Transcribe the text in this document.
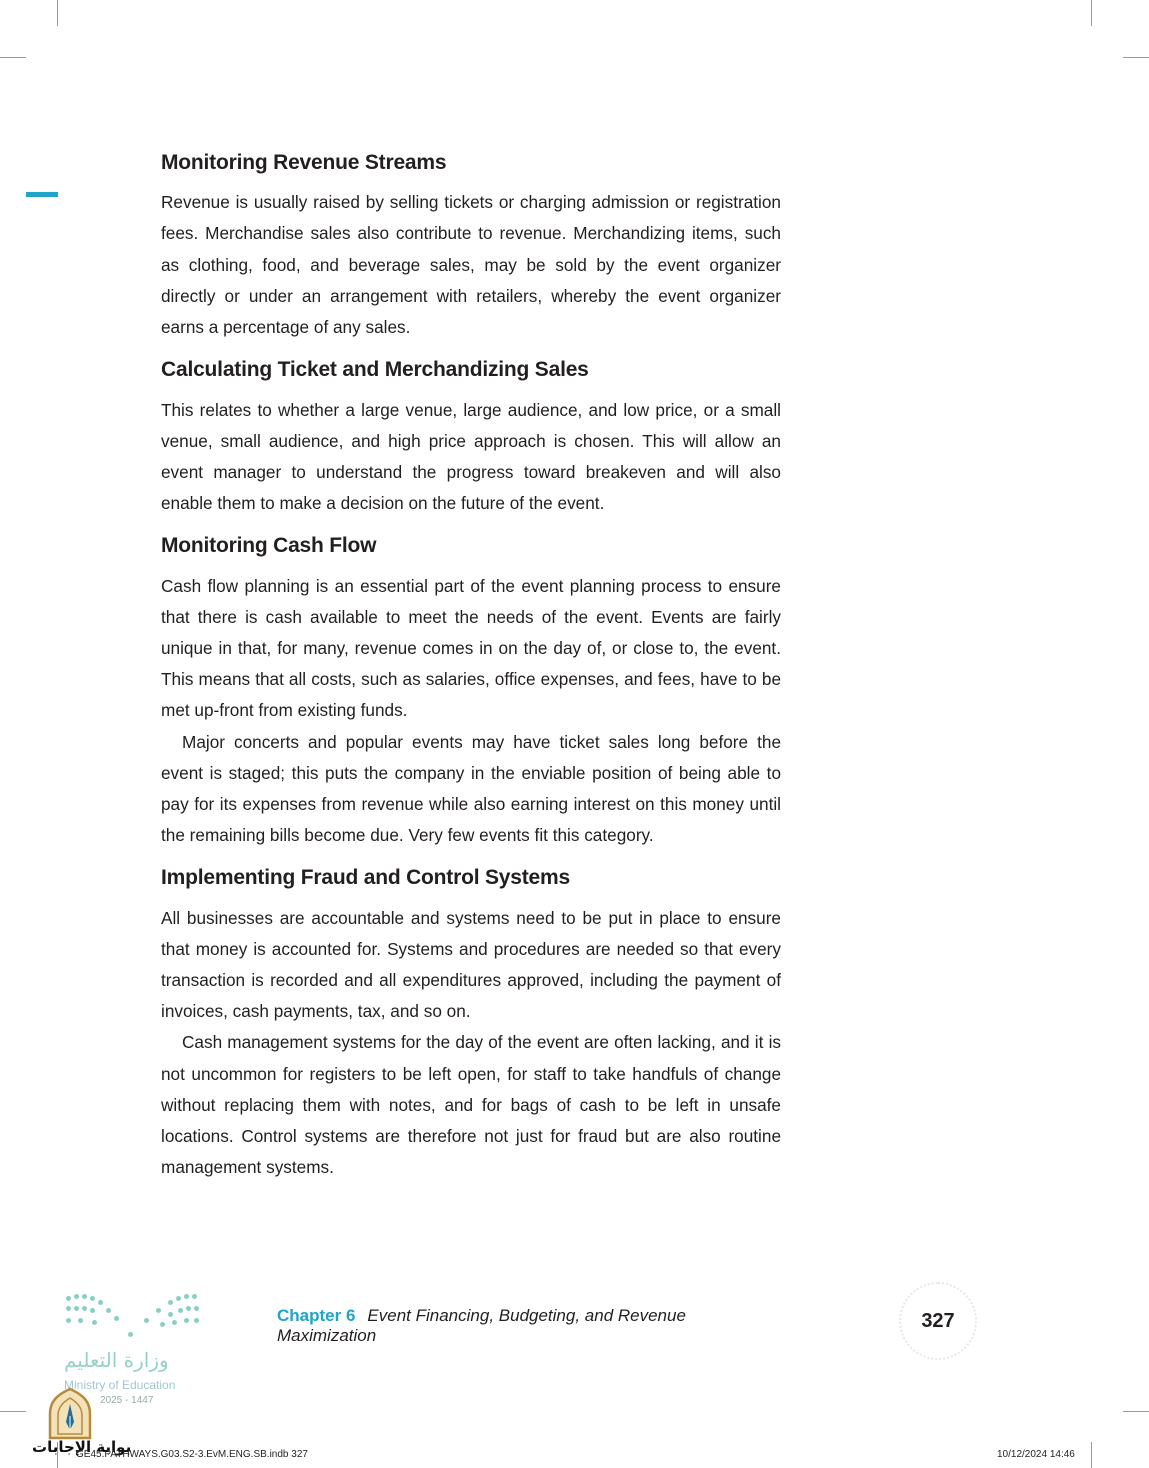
Monitoring Revenue Streams

Revenue is usually raised by selling tickets or charging admission or registration fees. Merchandise sales also contribute to revenue. Merchandizing items, such as clothing, food, and beverage sales, may be sold by the event organizer directly or under an arrangement with retailers, whereby the event organizer earns a percentage of any sales.

Calculating Ticket and Merchandizing Sales

This relates to whether a large venue, large audience, and low price, or a small venue, small audience, and high price approach is chosen. This will allow an event manager to understand the progress toward breakeven and will also enable them to make a decision on the future of the event.

Monitoring Cash Flow

Cash flow planning is an essential part of the event planning process to ensure that there is cash available to meet the needs of the event. Events are fairly unique in that, for many, revenue comes in on the day of, or close to, the event. This means that all costs, such as salaries, office expenses, and fees, have to be met up-front from existing funds.

Major concerts and popular events may have ticket sales long before the event is staged; this puts the company in the enviable position of being able to pay for its expenses from revenue while also earning interest on this money until the remaining bills become due. Very few events fit this category.

Implementing Fraud and Control Systems

All businesses are accountable and systems need to be put in place to ensure that money is accounted for. Systems and procedures are needed so that every transaction is recorded and all expenditures approved, including the payment of invoices, cash payments, tax, and so on.

Cash management systems for the day of the event are often lacking, and it is not uncommon for registers to be left open, for staff to take handfuls of change without replacing them with notes, and for bags of cash to be left in unsafe locations. Control systems are therefore not just for fraud but are also routine management systems.

وزارة التعليم
Ministry of Education
2025 - 1447
Chapter 6 Event Financing, Budgeting, and Revenue Maximization
327
بوابة الإجابات
GE45.PATHWAYS.G03.S2-3.EvM.ENG.SB.indb 327	10/12/2024 14:46
